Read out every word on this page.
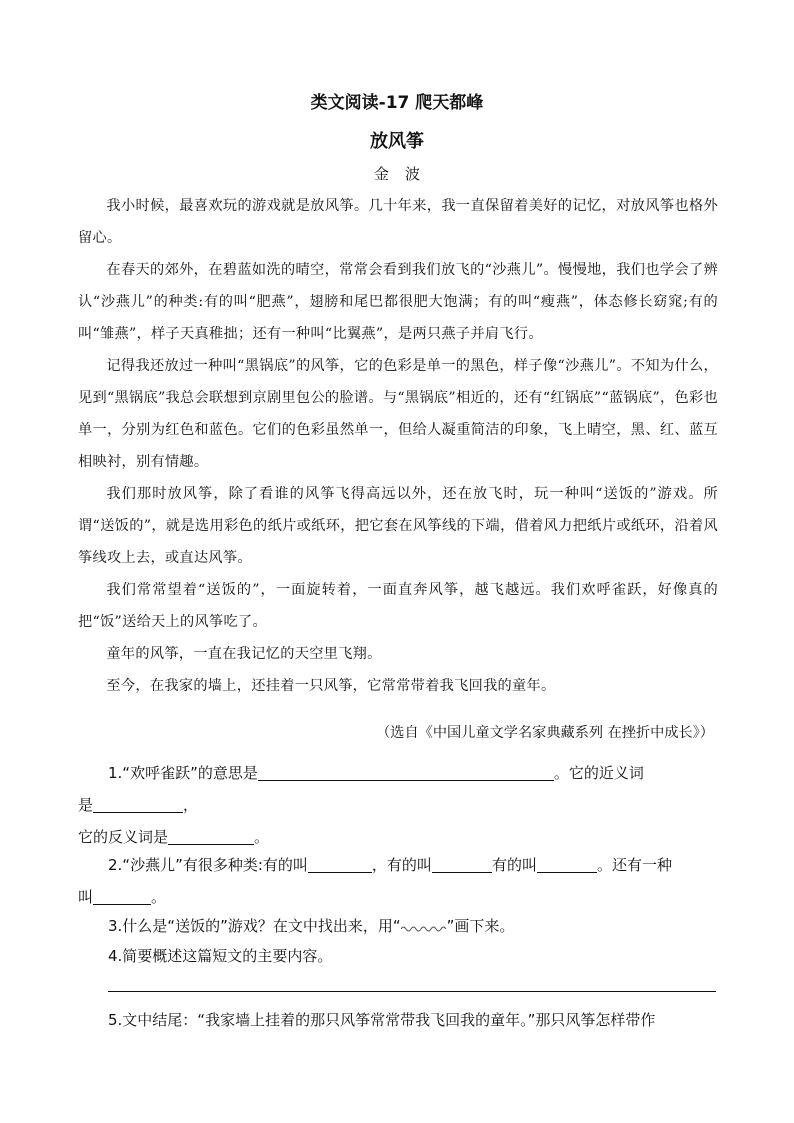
类文阅读-17 爬天都峰
放风筝
金波

我小时候，最喜欢玩的游戏就是放风筝。几十年来，我一直保留着美好的记忆，对放风筝也格外留心。

在春天的郊外，在碧蓝如洗的晴空，常常会看到我们放飞的“沙燕儿”。慢慢地，我们也学会了辨认“沙燕儿”的种类:有的叫“肥燕”，翅膀和尾巴都很肥大饱满；有的叫“瘦燕”，体态修长窈窕;有的叫“雏燕”，样子天真稚拙；还有一种叫“比翼燕”，是两只燕子并肩飞行。

记得我还放过一种叫“黑锅底”的风筝，它的色彩是单一的黑色，样子像“沙燕儿”。不知为什么，见到“黑锅底”我总会联想到京剧里包公的脸谱。与“黑锅底”相近的，还有“红锅底”“蓝锅底”，色彩也单一，分别为红色和蓝色。它们的色彩虽然单一，但给人凝重简洁的印象，飞上晴空，黑、红、蓝互相映衬，别有情趣。

我们那时放风筝，除了看谁的风筝飞得高远以外，还在放飞时，玩一种叫“送饭的”游戏。所谓“送饭的”，就是选用彩色的纸片或纸环，把它套在风筝线的下端，借着风力把纸片或纸环，沿着风筝线攻上去，或直达风筝。

我们常常望着“送饭的”，一面旋转着，一面直奔风筝，越飞越远。我们欢呼雀跃，好像真的把“饭”送给天上的风筝吃了。

童年的风筝，一直在我记忆的天空里飞翔。

至今，在我家的墙上，还挂着一只风筝，它常常带着我飞回我的童年。

（选自《中国儿童文学名家典藏系列 在挫折中成长》）

1.“欢呼雀跃”的意思是	。它的近义词

是	，

它的反义词是	。

2.“沙燕儿”有很多种类:有的叫	，有的叫	有的叫	。还有一种

叫	。

3.什么是“送饭的”游戏？在文中找出来，用“	”画下来。

4.简要概述这篇短文的主要内容。

5.文中结尾：“我家墙上挂着的那只风筝常常带我飞回我的童年。”那只风筝怎样带作
